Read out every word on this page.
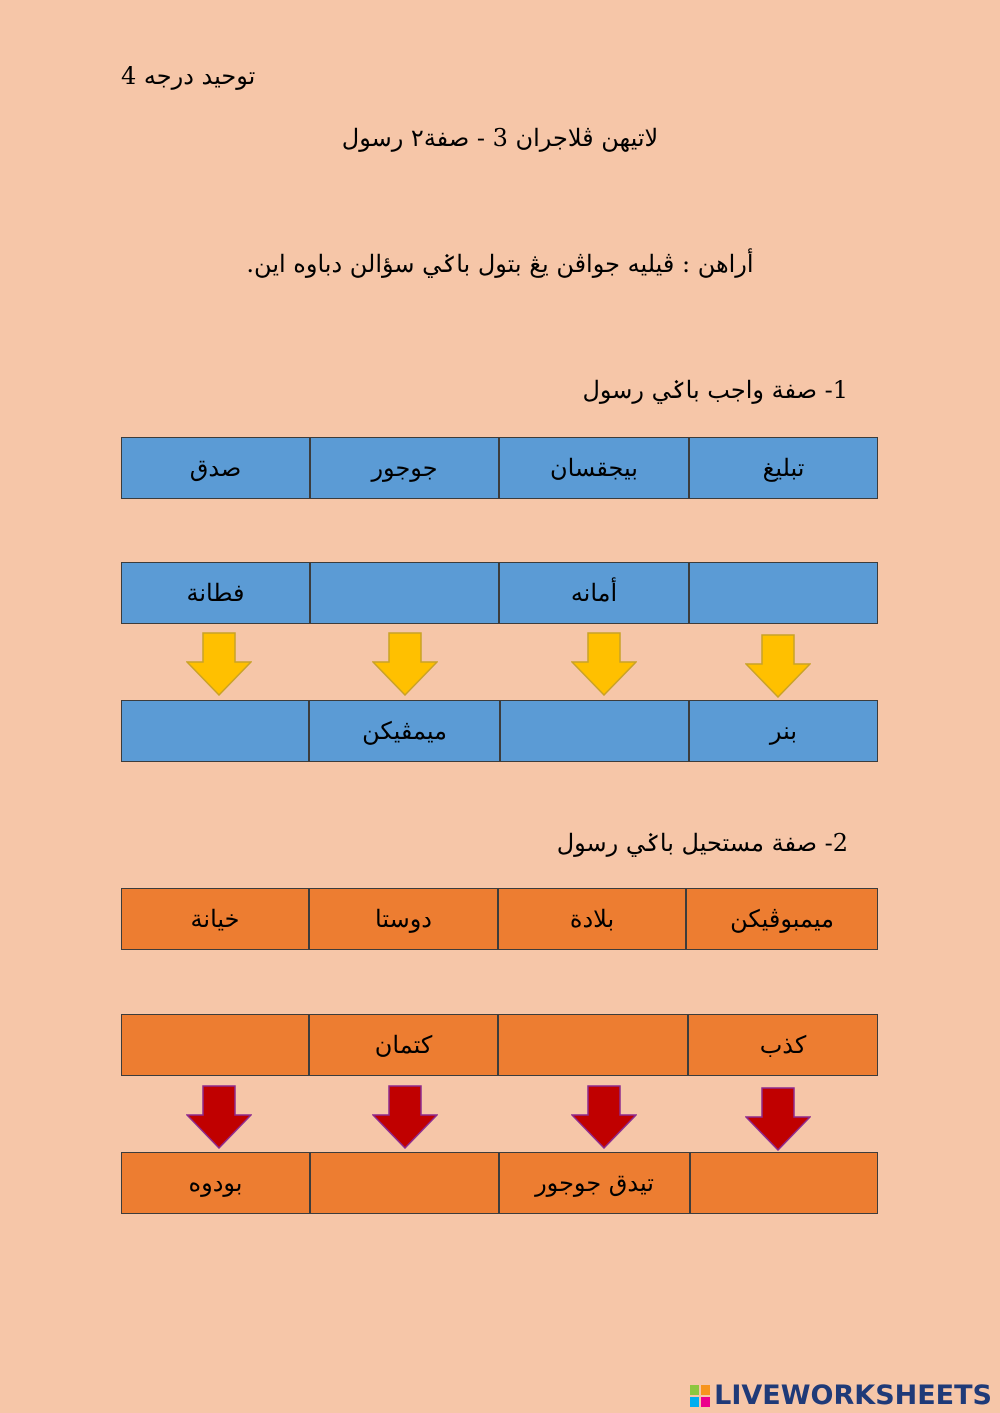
توحيد درجه 4
لاتيهن ڤلاجران 3 - صفة٢ رسول
أراهن : ڤيليه جواڤن يڠ بتول باݢي سؤالن دباوه اين.
1- صفة واجب باݢي رسول
تبليغ
بيجقسان
جوجور
صدق
أمانه
فطانة
بنر
ميمڤيكن
2- صفة مستحيل باݢي رسول
ميمبوڤيكن
بلادة
دوستا
خيانة
كذب
كتمان
تيدق جوجور
بودوه
LIVEWORKSHEETS
